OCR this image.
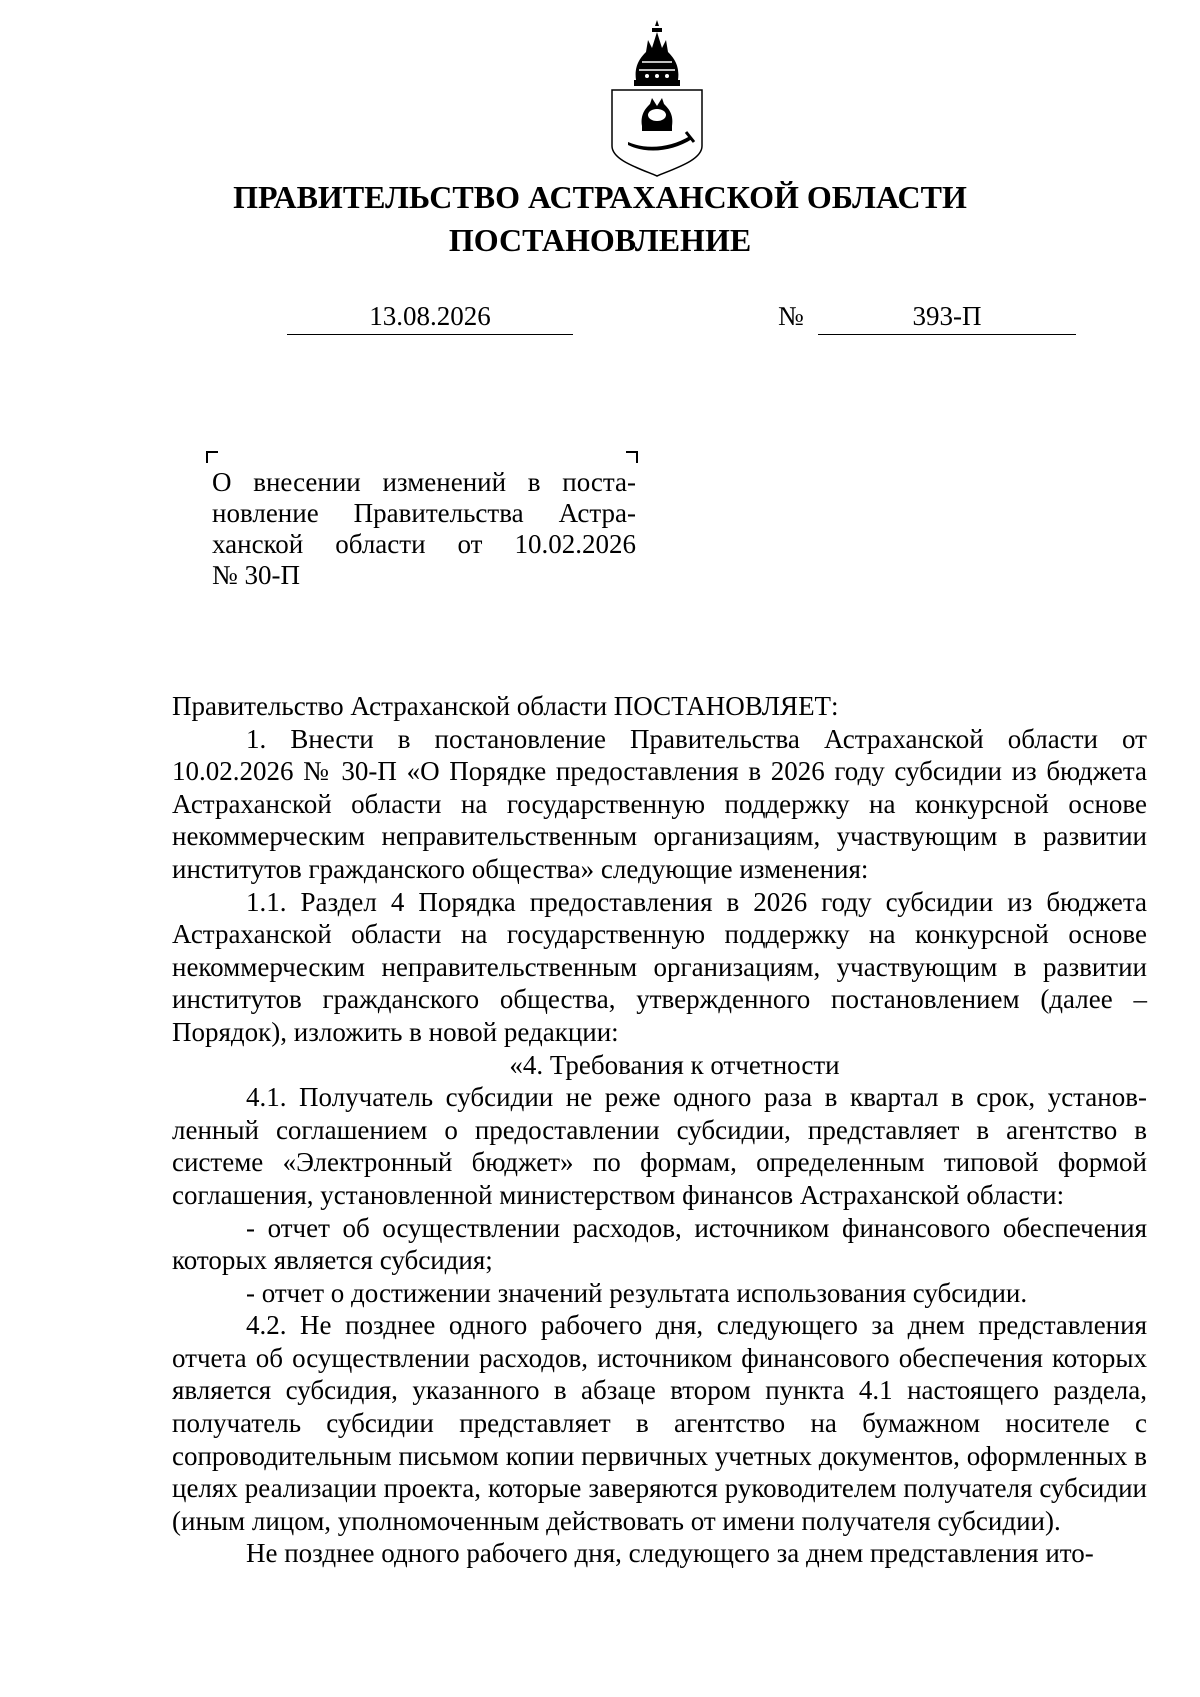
ПРАВИТЕЛЬСТВО АСТРАХАНСКОЙ ОБЛАСТИ
ПОСТАНОВЛЕНИЕ
13.08.2026	№	393-П
О внесении изменений в поста-
новление Правительства Астра-
ханской области от 10.02.2026
№ 30-П

Правительство Астраханской области ПОСТАНОВЛЯЕТ:

1. Внести в постановление Правительства Астраханской области от 10.02.2026 № 30-П «О Порядке предоставления в 2026 году субсидии из бюджета Астраханской области на государственную поддержку на конкурсной основе некоммерческим неправительственным организациям, участвующим в развитии институтов гражданского общества» следующие изменения:

1.1. Раздел 4 Порядка предоставления в 2026 году субсидии из бюджета Астраханской области на государственную поддержку на конкурсной основе некоммерческим неправительственным организациям, участвующим в развитии институтов гражданского общества, утвержденного постановлением (далее – Порядок), изложить в новой редакции:

«4. Требования к отчетности

4.1. Получатель субсидии не реже одного раза в квартал в срок, установленный соглашением о предоставлении субсидии, представляет в агентство в системе «Электронный бюджет» по формам, определенным типовой формой соглашения, установленной министерством финансов Астраханской области:

- отчет об осуществлении расходов, источником финансового обеспечения которых является субсидия;

- отчет о достижении значений результата использования субсидии.

4.2. Не позднее одного рабочего дня, следующего за днем представления отчета об осуществлении расходов, источником финансового обеспечения которых является субсидия, указанного в абзаце втором пункта 4.1 настоящего раздела, получатель субсидии представляет в агентство на бумажном носителе с сопроводительным письмом копии первичных учетных документов, оформленных в целях реализации проекта, которые заверяются руководителем получателя субсидии (иным лицом, уполномоченным действовать от имени получателя субсидии).

Не позднее одного рабочего дня, следующего за днем представления ито-
